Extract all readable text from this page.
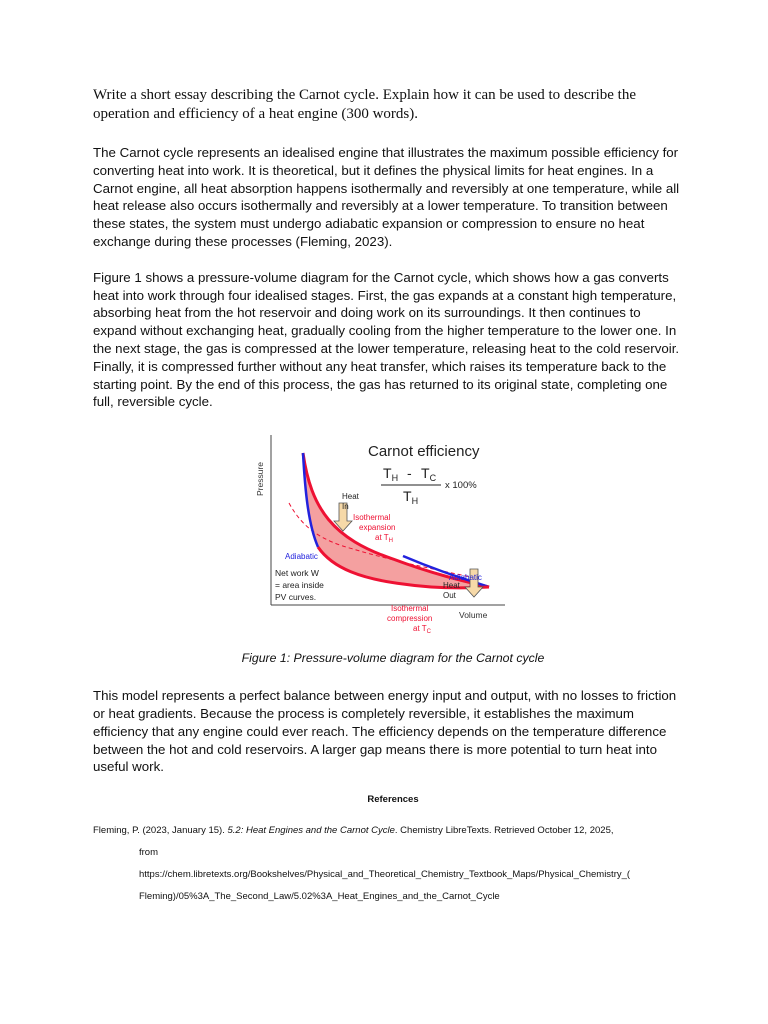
Write a short essay describing the Carnot cycle. Explain how it can be used to describe the operation and efficiency of a heat engine (300 words).

The Carnot cycle represents an idealised engine that illustrates the maximum possible efficiency for converting heat into work. It is theoretical, but it defines the physical limits for heat engines. In a Carnot engine, all heat absorption happens isothermally and reversibly at one temperature, while all heat release also occurs isothermally and reversibly at a lower temperature. To transition between these states, the system must undergo adiabatic expansion or compression to ensure no heat exchange during these processes (Fleming, 2023).

Figure 1 shows a pressure-volume diagram for the Carnot cycle, which shows how a gas converts heat into work through four idealised stages. First, the gas expands at a constant high temperature, absorbing heat from the hot reservoir and doing work on its surroundings. It then continues to expand without exchanging heat, gradually cooling from the higher temperature to the lower one. In the next stage, the gas is compressed at the lower temperature, releasing heat to the cold reservoir. Finally, it is compressed further without any heat transfer, which raises its temperature back to the starting point. By the end of this process, the gas has returned to its original state, completing one full, reversible cycle.

Pressure
Volume
Carnot efficiency
$T_H - T_C$
$T_H$
x 100%
Heat
In
Isothermal
expansion
at $T_H$
Adiabatic
Adiabatic
Net work W
= area inside
PV curves.
Heat
Out
Isothermal
compression
at $T_C$

Figure 1: Pressure-volume diagram for the Carnot cycle

This model represents a perfect balance between energy input and output, with no losses to friction or heat gradients. Because the process is completely reversible, it establishes the maximum efficiency that any engine could ever reach. The efficiency depends on the temperature difference between the hot and cold reservoirs. A larger gap means there is more potential to turn heat into useful work.

References

Fleming, P. (2023, January 15). 5.2: Heat Engines and the Carnot Cycle. Chemistry LibreTexts. Retrieved October 12, 2025,
from
https://chem.libretexts.org/Bookshelves/Physical_and_Theoretical_Chemistry_Textbook_Maps/Physical_Chemistry_(
Fleming)/05%3A_The_Second_Law/5.02%3A_Heat_Engines_and_the_Carnot_Cycle
